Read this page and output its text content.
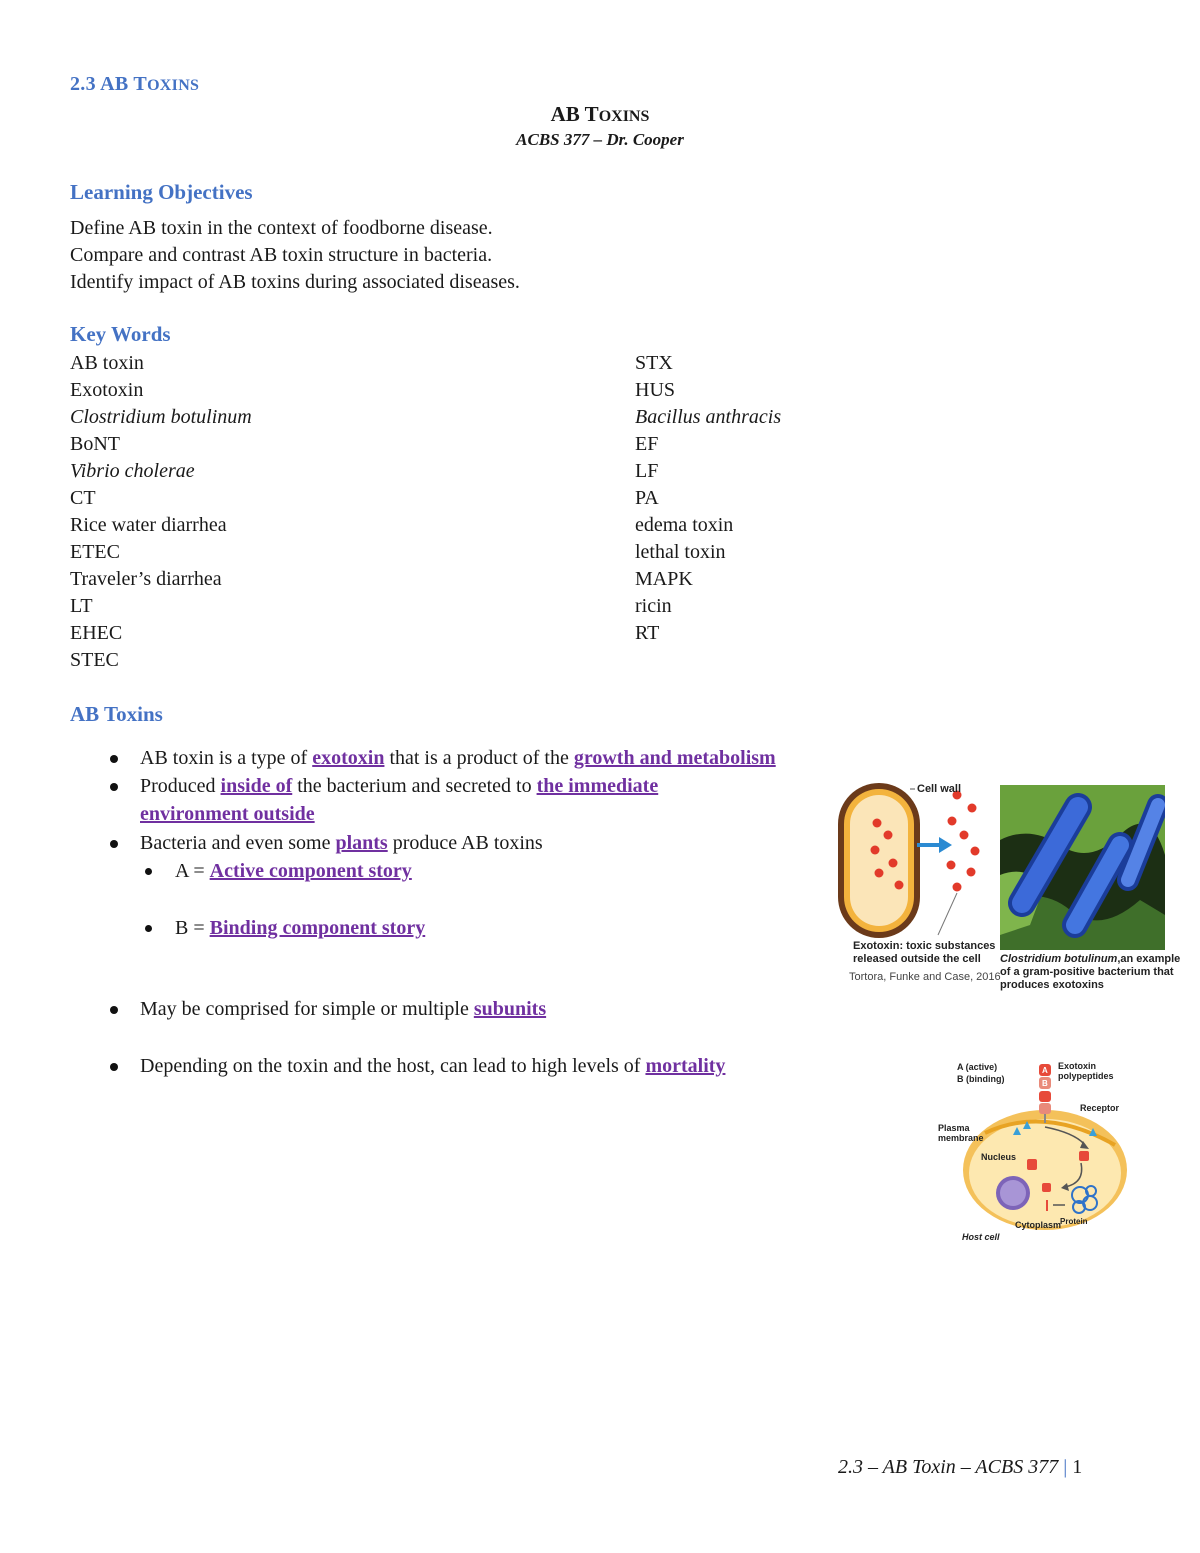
2.3 AB TOXINS
AB TOXINS
ACBS 377 – Dr. Cooper
Learning Objectives
Define AB toxin in the context of foodborne disease.
Compare and contrast AB toxin structure in bacteria.
Identify impact of AB toxins during associated diseases.
Key Words
AB toxin
Exotoxin
Clostridium botulinum
BoNT
Vibrio cholerae
CT
Rice water diarrhea
ETEC
Traveler’s diarrhea
LT
EHEC
STEC
STX
HUS
Bacillus anthracis
EF
LF
PA
edema toxin
lethal toxin
MAPK
ricin
RT
AB Toxins
AB toxin is a type of exotoxin that is a product of the growth and metabolism
Produced inside of the bacterium and secreted to the immediate
environment outside
Bacteria and even some plants produce AB toxins
A = Active component story
B = Binding component story
May be comprised for simple or multiple subunits
Depending on the toxin and the host, can lead to high levels of mortality
Cell wall
Exotoxin: toxic substances
released outside the cell
Tortora, Funke and Case, 2016
Clostridium botulinum,an example
of a gram-positive bacterium that
produces exotoxins
A (active)
B (binding)
A
B
Exotoxin
polypeptides
Receptor
Plasma
membrane
Nucleus
Cytoplasm
Protein
Host cell
2.3 – AB Toxin – ACBS 377 | 1
